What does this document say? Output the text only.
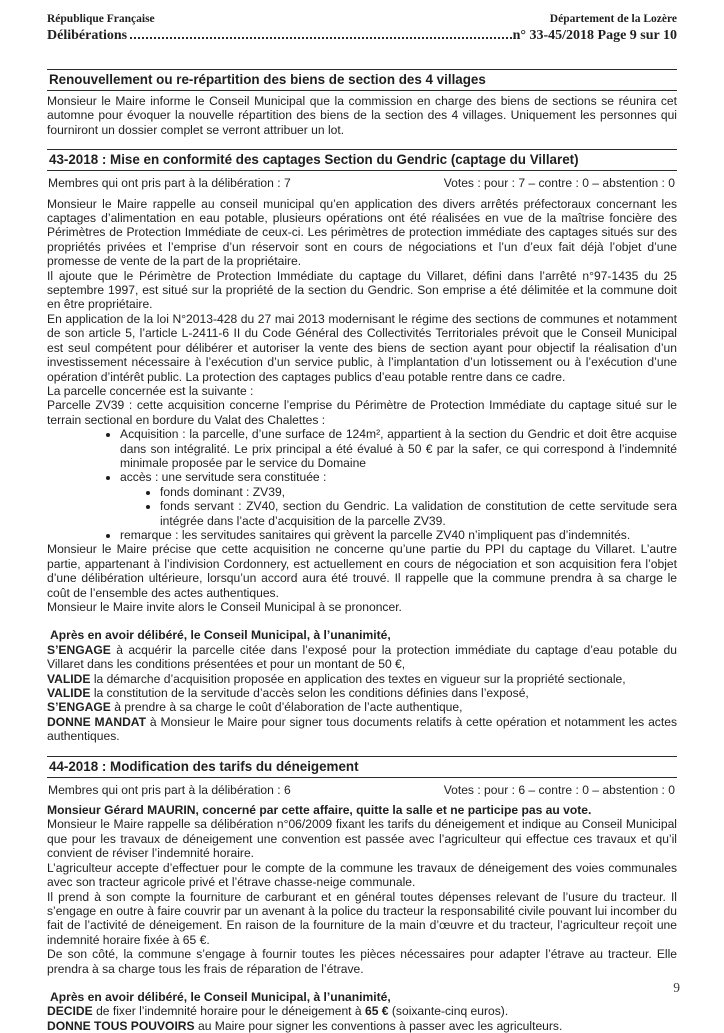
République Française	Département de la Lozère
Délibérations	n° 33-45/2018 Page 9 sur 10
Renouvellement ou re-répartition des biens de section des 4 villages

Monsieur le Maire informe le Conseil Municipal que la commission en charge des biens de sections se réunira cet automne pour évoquer la nouvelle répartition des biens de la section des 4 villages. Uniquement les personnes qui fourniront un dossier complet se verront attribuer un lot.

43-2018 : Mise en conformité des captages Section du Gendric (captage du Villaret)
Membres qui ont pris part à la délibération : 7	Votes : pour : 7 – contre : 0 – abstention : 0

Monsieur le Maire rappelle au conseil municipal qu’en application des divers arrêtés préfectoraux concernant les captages d’alimentation en eau potable, plusieurs opérations ont été réalisées en vue de la maîtrise foncière des Périmètres de Protection Immédiate de ceux-ci. Les périmètres de protection immédiate des captages situés sur des propriétés privées et l’emprise d’un réservoir sont en cours de négociations et l’un d’eux fait déjà l’objet d’une promesse de vente de la part de la propriétaire.

Il ajoute que le Périmètre de Protection Immédiate du captage du Villaret, défini dans l’arrêté n°97-1435 du 25 septembre 1997, est situé sur la propriété de la section du Gendric. Son emprise a été délimitée et la commune doit en être propriétaire.

En application de la loi N°2013-428 du 27 mai 2013 modernisant le régime des sections de communes et notamment de son article 5, l’article L-2411-6 II du Code Général des Collectivités Territoriales prévoit que le Conseil Municipal est seul compétent pour délibérer et autoriser la vente des biens de section ayant pour objectif la réalisation d’un investissement nécessaire à l’exécution d’un service public, à l’implantation d’un lotissement ou à l’exécution d’une opération d’intérêt public. La protection des captages publics d’eau potable rentre dans ce cadre.

La parcelle concernée est la suivante :

Parcelle ZV39 : cette acquisition concerne l’emprise du Périmètre de Protection Immédiate du captage situé sur le terrain sectional en bordure du Valat des Chalettes :

• Acquisition : la parcelle, d’une surface de 124m², appartient à la section du Gendric et doit être acquise dans son intégralité. Le prix principal a été évalué à 50 € par la safer, ce qui correspond à l’indemnité minimale proposée par le service du Domaine
• accès : une servitude sera constituée :
• fonds dominant : ZV39,
• fonds servant : ZV40, section du Gendric. La validation de constitution de cette servitude sera intégrée dans l’acte d’acquisition de la parcelle ZV39.
• remarque : les servitudes sanitaires qui grèvent la parcelle ZV40 n’impliquent pas d’indemnités.

Monsieur le Maire précise que cette acquisition ne concerne qu’une partie du PPI du captage du Villaret. L’autre partie, appartenant à l’indivision Cordonnery, est actuellement en cours de négociation et son acquisition fera l’objet d’une délibération ultérieure, lorsqu’un accord aura été trouvé. Il rappelle que la commune prendra à sa charge le coût de l’ensemble des actes authentiques.

Monsieur le Maire invite alors le Conseil Municipal à se prononcer.

Après en avoir délibéré, le Conseil Municipal, à l’unanimité,

S’ENGAGE à acquérir la parcelle citée dans l’exposé pour la protection immédiate du captage d’eau potable du Villaret dans les conditions présentées et pour un montant de 50 €,

VALIDE la démarche d’acquisition proposée en application des textes en vigueur sur la propriété sectionale,

VALIDE la constitution de la servitude d’accès selon les conditions définies dans l’exposé,

S’ENGAGE à prendre à sa charge le coût d’élaboration de l’acte authentique,

DONNE MANDAT à Monsieur le Maire pour signer tous documents relatifs à cette opération et notamment les actes authentiques.

44-2018 : Modification des tarifs du déneigement
Membres qui ont pris part à la délibération : 6	Votes : pour : 6 – contre : 0 – abstention : 0

Monsieur Gérard MAURIN, concerné par cette affaire, quitte la salle et ne participe pas au vote.

Monsieur le Maire rappelle sa délibération n°06/2009 fixant les tarifs du déneigement et indique au Conseil Municipal que pour les travaux de déneigement une convention est passée avec l’agriculteur qui effectue ces travaux et qu’il convient de réviser l’indemnité horaire.

L’agriculteur accepte d’effectuer pour le compte de la commune les travaux de déneigement des voies communales avec son tracteur agricole privé et l’étrave chasse-neige communale.

Il prend à son compte la fourniture de carburant et en général toutes dépenses relevant de l’usure du tracteur. Il s’engage en outre à faire couvrir par un avenant à la police du tracteur la responsabilité civile pouvant lui incomber du fait de l’activité de déneigement. En raison de la fourniture de la main d’œuvre et du tracteur, l’agriculteur reçoit une indemnité horaire fixée à 65 €.

De son côté, la commune s’engage à fournir toutes les pièces nécessaires pour adapter l’étrave au tracteur. Elle prendra à sa charge tous les frais de réparation de l’étrave.

Après en avoir délibéré, le Conseil Municipal, à l’unanimité,

DECIDE de fixer l’indemnité horaire pour le déneigement à 65 € (soixante-cinq euros).

DONNE TOUS POUVOIRS au Maire pour signer les conventions à passer avec les agriculteurs.

9
